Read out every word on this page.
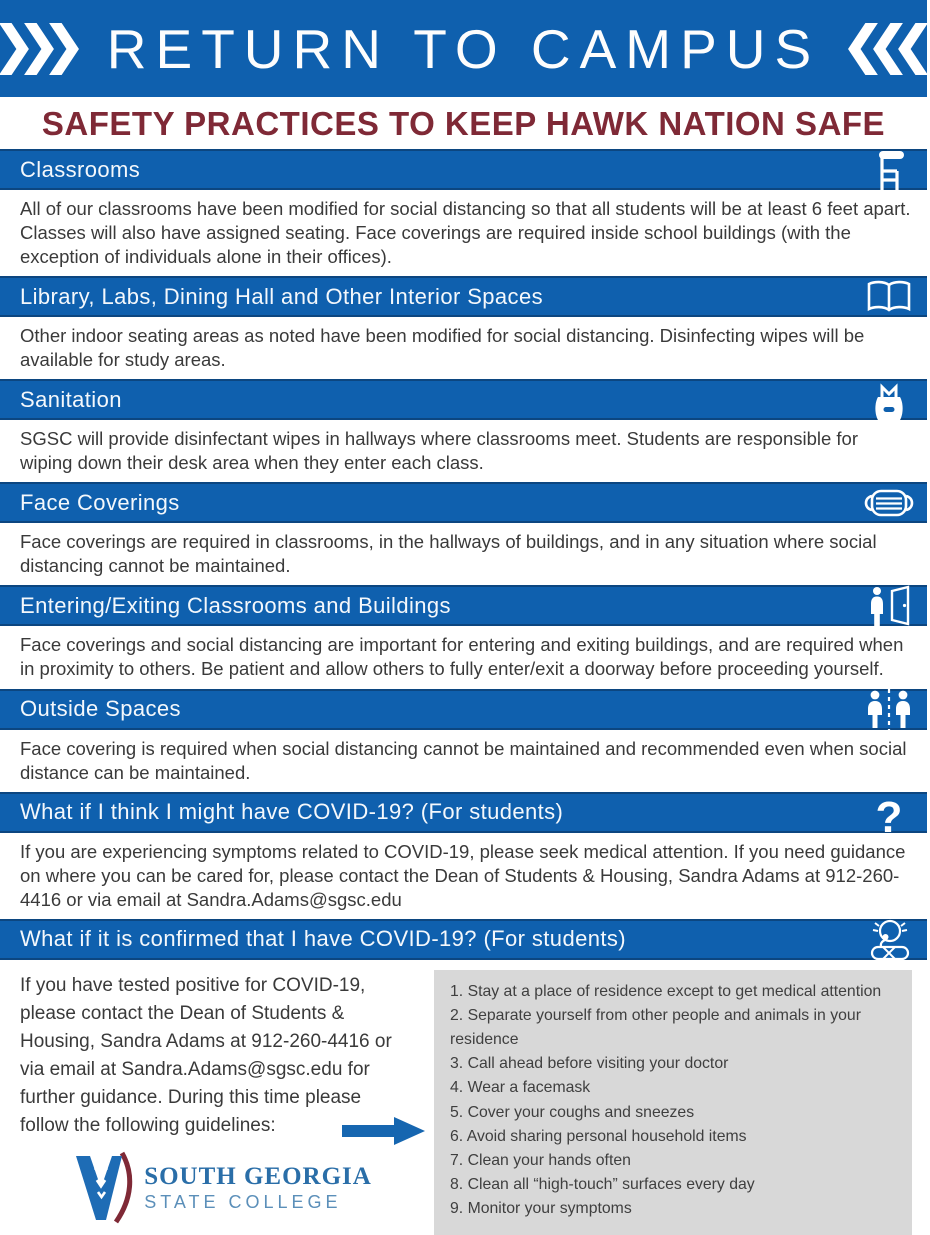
RETURN TO CAMPUS
SAFETY PRACTICES TO KEEP HAWK NATION SAFE
Classrooms

All of our classrooms have been modified for social distancing so that all students will be at least 6 feet apart. Classes will also have assigned seating. Face coverings are required inside school buildings (with the exception of individuals alone in their offices).

Library, Labs, Dining Hall and Other Interior Spaces

Other indoor seating areas as noted have been modified for social distancing. Disinfecting wipes will be available for study areas.

Sanitation

SGSC will provide disinfectant wipes in hallways where classrooms meet. Students are responsible for wiping down their desk area when they enter each class.

Face Coverings

Face coverings are required in classrooms, in the hallways of buildings, and in any situation where social distancing cannot be maintained.

Entering/Exiting Classrooms and Buildings

Face coverings and social distancing are important for entering and exiting buildings, and are required when in proximity to others. Be patient and allow others to fully enter/exit a doorway before proceeding yourself.

Outside Spaces

Face covering is required when social distancing cannot be maintained and recommended even when social distance can be maintained.

What if I think I might have COVID-19? (For students)	?

If you are experiencing symptoms related to COVID-19, please seek medical attention. If you need guidance on where you can be cared for, please contact the Dean of Students & Housing, Sandra Adams at 912-260-4416 or via email at Sandra.Adams@sgsc.edu

What if it is confirmed that I have COVID-19? (For students)

If you have tested positive for COVID-19, please contact the Dean of Students & Housing, Sandra Adams at 912-260-4416 or via email at Sandra.Adams@sgsc.edu for further guidance. During this time please follow the following guidelines:

SOUTH GEORGIA
STATE COLLEGE
1. Stay at a place of residence except to get medical attention
2. Separate yourself from other people and animals in your residence
3. Call ahead before visiting your doctor
4. Wear a facemask
5. Cover your coughs and sneezes
6. Avoid sharing personal household items
7. Clean your hands often
8. Clean all “high-touch” surfaces every day
9. Monitor your symptoms
